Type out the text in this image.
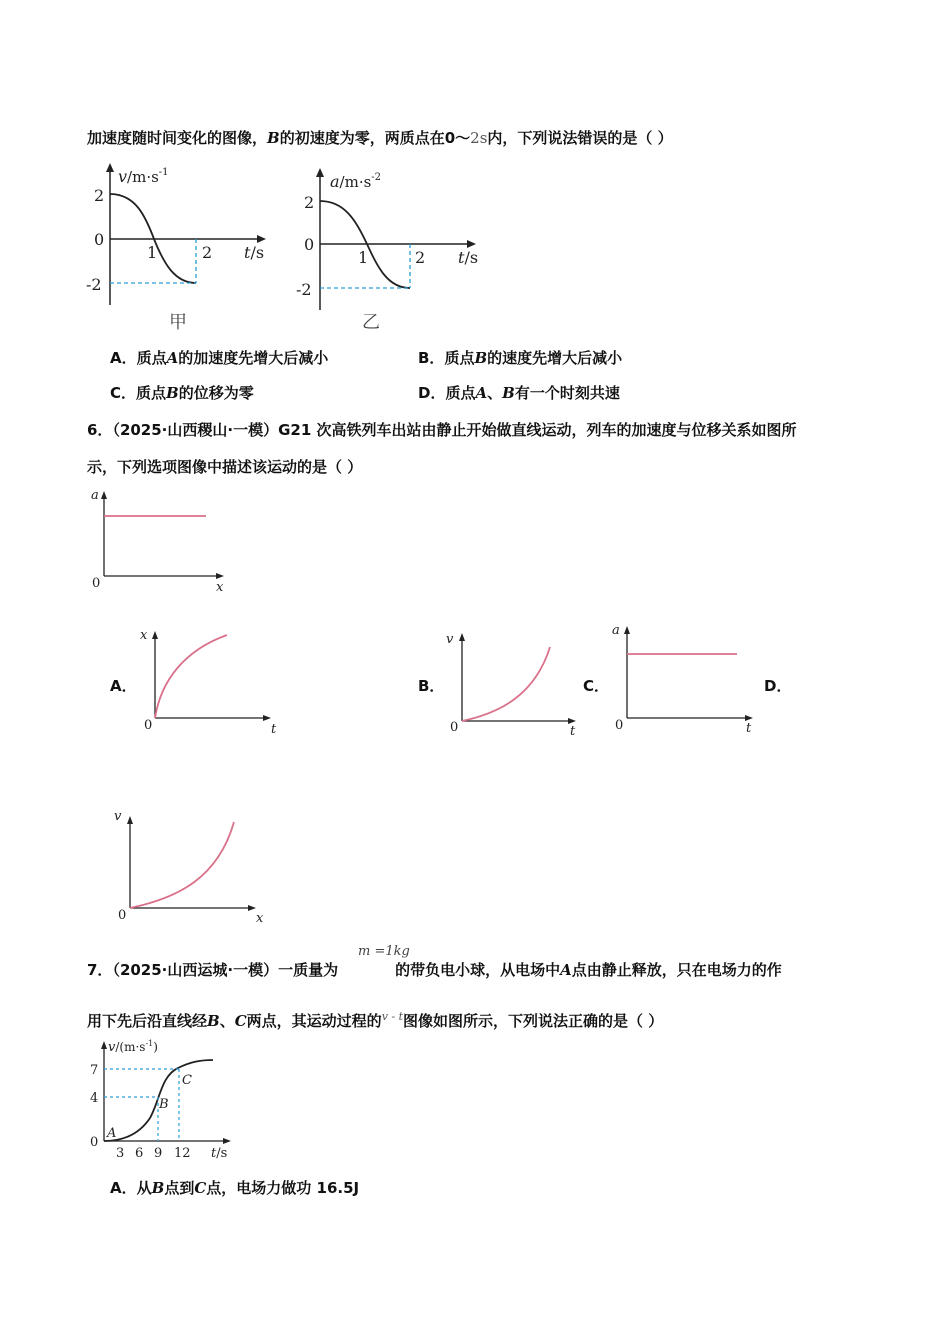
加速度随时间变化的图像，B的初速度为零，两质点在0～2s内，下列说法错误的是（ ）
2
0
-2
1	2
$v/m\cdot s^{-1}$
t/s
甲
2
0
-2
1	2
$a/m\cdot s^{-2}$
t/s
乙
A．质点A的加速度先增大后减小	B．质点B的速度先增大后减小
C．质点B的位移为零	D．质点A、B有一个时刻共速
6．（2025·山西稷山·一模）G21 次高铁列车出站由静止开始做直线运动，列车的加速度与位移关系如图所
示，下列选项图像中描述该运动的是（ ）
a
0	x
A．	B．	C．	D．
x
0	t
v
0	t
a
0	t
v
0	x
m =1kg
7．（2025·山西运城·一模）一质量为	的带负电小球，从电场中A点由静止释放，只在电场力的作
用下先后沿直线经B、C两点，其运动过程的$^{v - t}$图像如图所示，下列说法正确的是（ ）
$v/(m\cdot s^{-1}_)$
7
4
0
3 6 9 12 t/s
A
B
C
A．从B点到C点，电场力做功 16.5J
